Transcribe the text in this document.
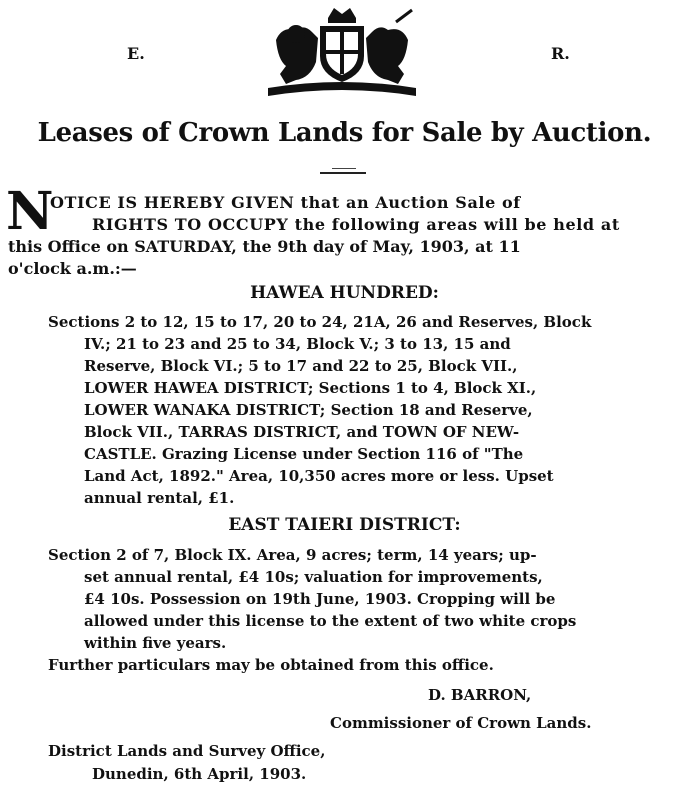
E.	R.
Leases of Crown Lands for Sale by Auction.
N
OTICE IS HEREBY GIVEN that an Auction Sale of
RIGHTS TO OCCUPY the following areas will be held at
this Office on SATURDAY, the 9th day of May, 1903, at 11
o'clock a.m.:—
HAWEA HUNDRED:
Sections 2 to 12, 15 to 17, 20 to 24, 21A, 26 and Reserves, Block
IV.; 21 to 23 and 25 to 34, Block V.; 3 to 13, 15 and
Reserve, Block VI.; 5 to 17 and 22 to 25, Block VII.,
LOWER HAWEA DISTRICT; Sections 1 to 4, Block XI.,
LOWER WANAKA DISTRICT; Section 18 and Reserve,
Block VII., TARRAS DISTRICT, and TOWN OF NEW-
CASTLE. Grazing License under Section 116 of "The
Land Act, 1892." Area, 10,350 acres more or less. Upset
annual rental, £1.
EAST TAIERI DISTRICT:
Section 2 of 7, Block IX. Area, 9 acres; term, 14 years; up-
set annual rental, £4 10s; valuation for improvements,
£4 10s. Possession on 19th June, 1903. Cropping will be
allowed under this license to the extent of two white crops
within five years.
Further particulars may be obtained from this office.
D. BARRON,
Commissioner of Crown Lands.
District Lands and Survey Office,
Dunedin, 6th April, 1903.
